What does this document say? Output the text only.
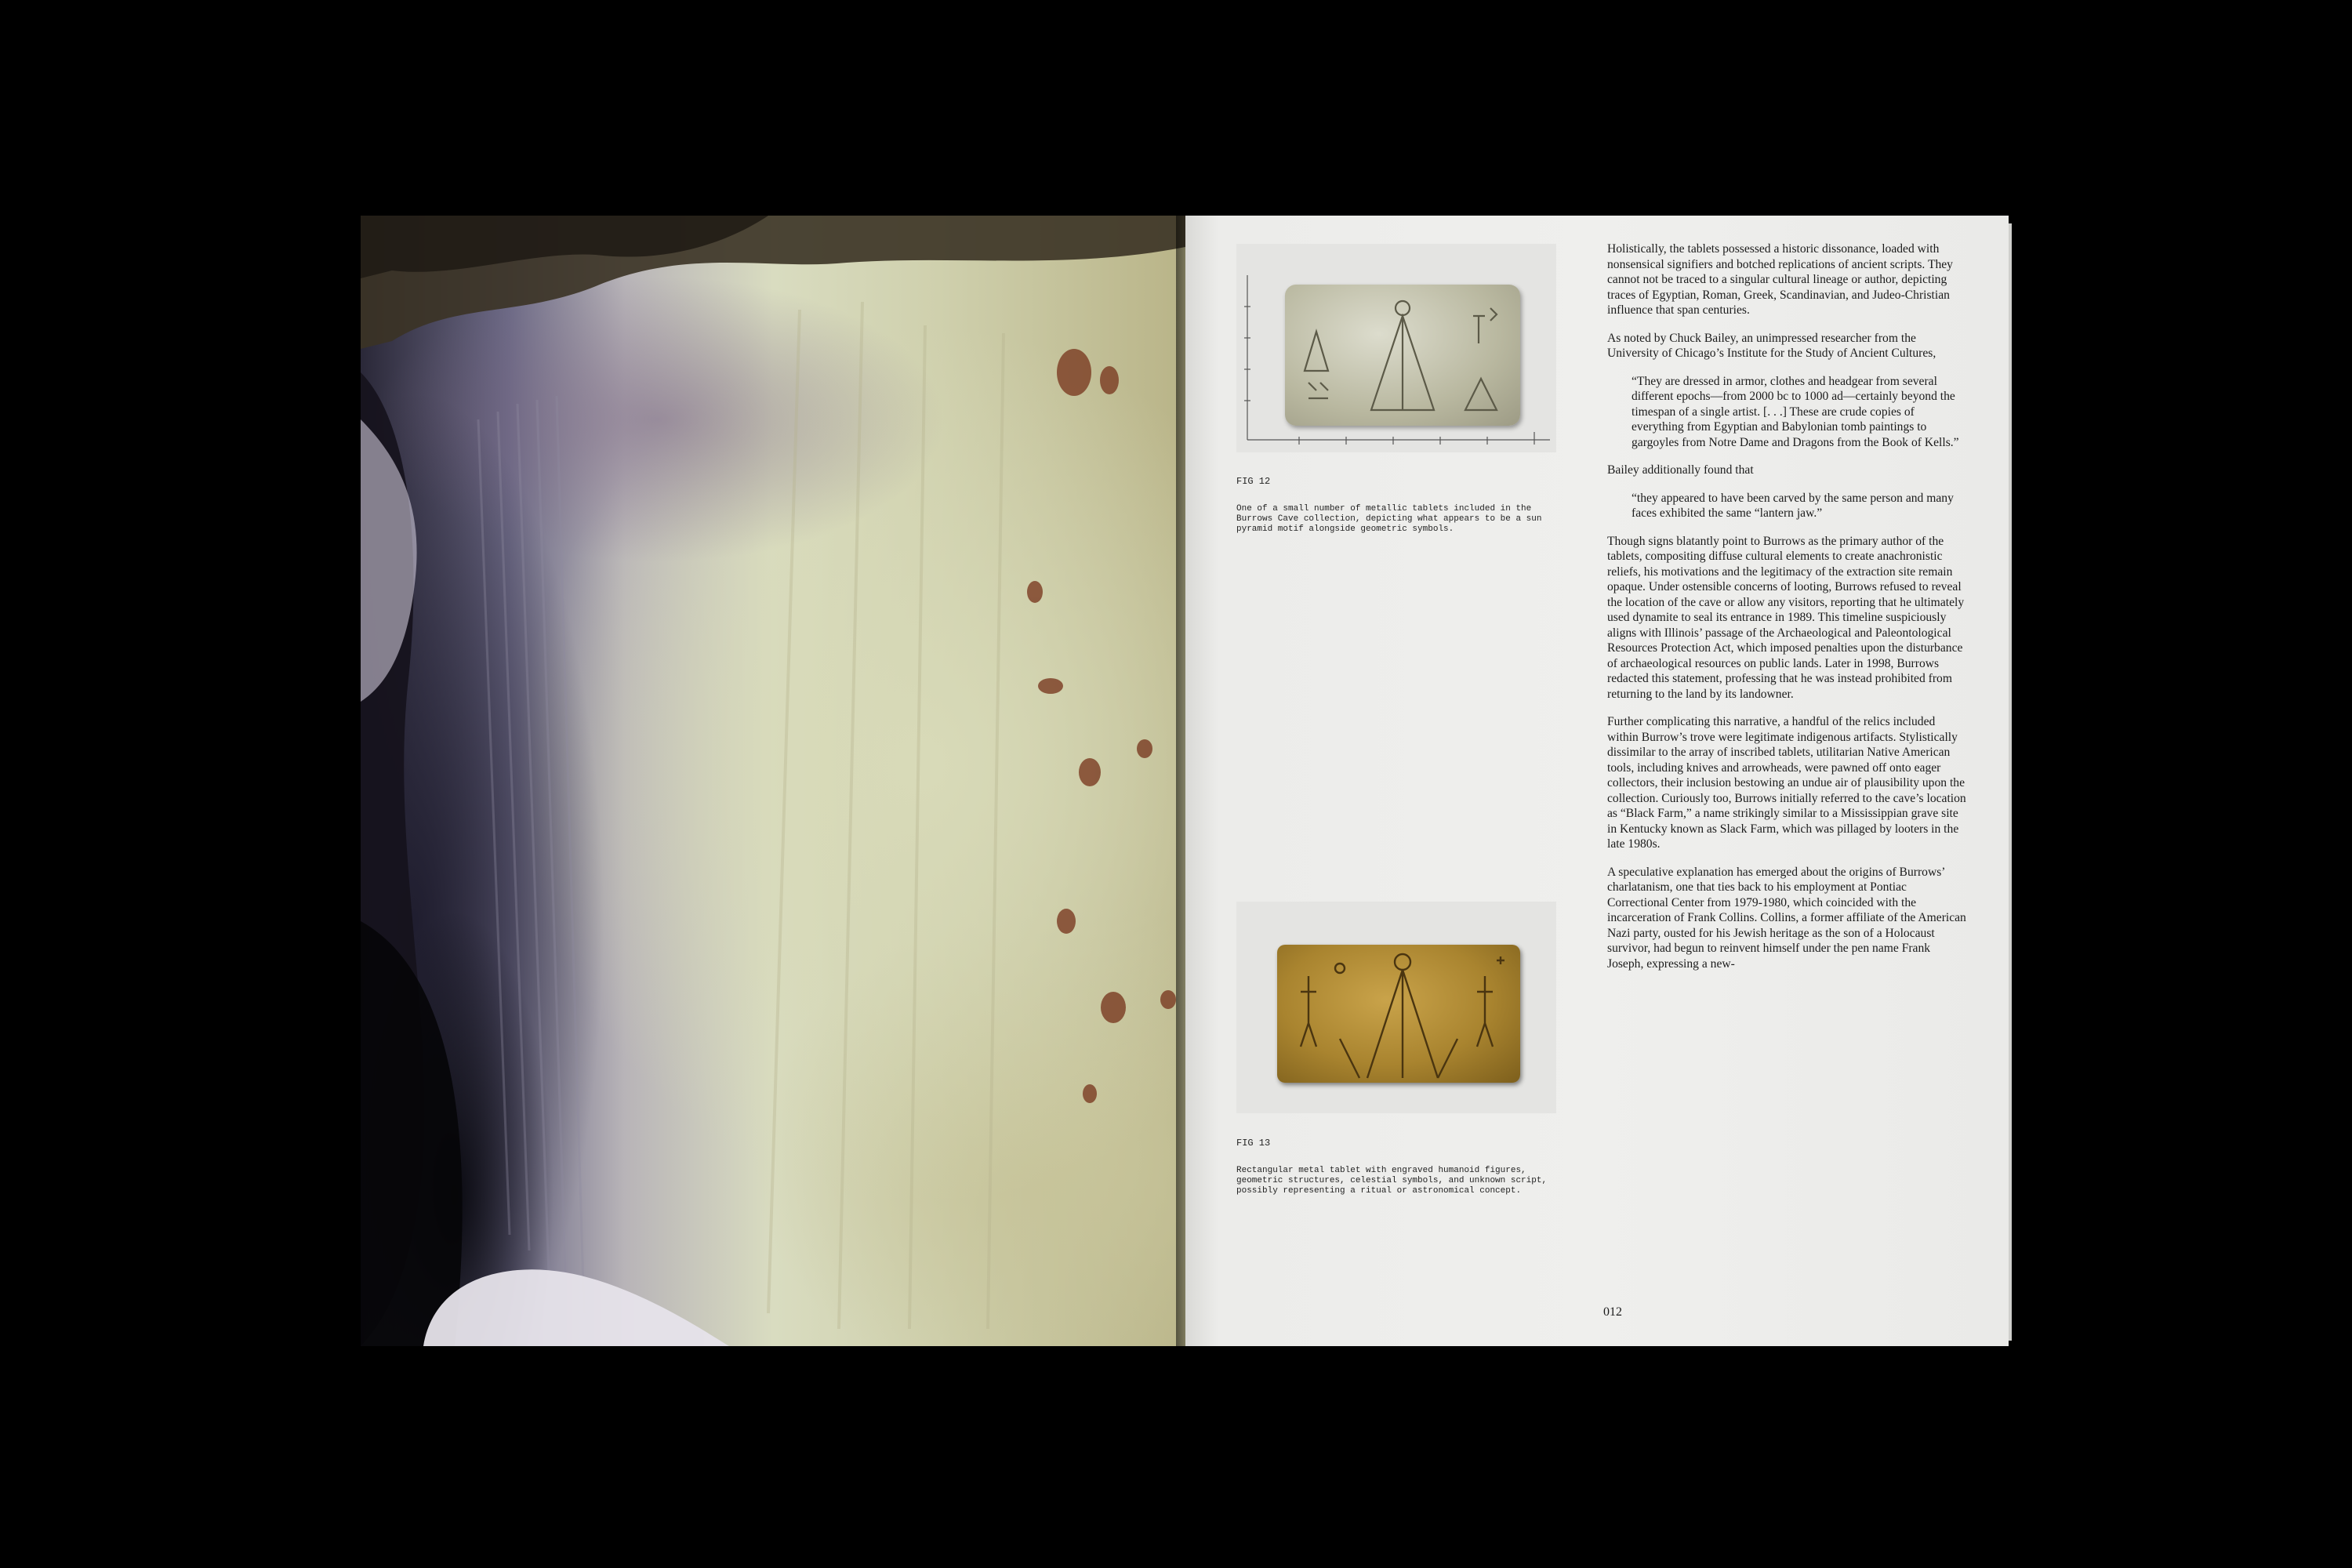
FIG 12
One of a small number of metallic tablets included in the Burrows Cave collection, depicting what appears to be a sun pyramid motif alongside geometric symbols.
FIG 13
Rectangular metal tablet with engraved humanoid figures, geometric structures, celestial symbols, and unknown script, possibly representing a ritual or astronomical concept.

Holistically, the tablets possessed a historic dissonance, loaded with nonsensical signifiers and botched replications of ancient scripts. They cannot not be traced to a singular cultural lineage or author, depicting traces of Egyptian, Roman, Greek, Scandinavian, and Judeo-Christian influence that span centuries.

As noted by Chuck Bailey, an unimpressed researcher from the University of Chicago’s Institute for the Study of Ancient Cultures,

“They are dressed in armor, clothes and headgear from several different epochs—from 2000 bc to 1000 ad—certainly beyond the timespan of a single artist. [. . .] These are crude copies of everything from Egyptian and Babylonian tomb paintings to gargoyles from Notre Dame and Dragons from the Book of Kells.”

Bailey additionally found that

“they appeared to have been carved by the same person and many faces exhibited the same “lantern jaw.”

Though signs blatantly point to Burrows as the primary author of the tablets, compositing diffuse cultural elements to create anachronistic reliefs, his motivations and the legitimacy of the extraction site remain opaque. Under ostensible concerns of looting, Burrows refused to reveal the location of the cave or allow any visitors, reporting that he ultimately used dynamite to seal its entrance in 1989. This timeline suspiciously aligns with Illinois’ passage of the Archaeological and Paleontological Resources Protection Act, which imposed penalties upon the disturbance of archaeological resources on public lands. Later in 1998, Burrows redacted this statement, professing that he was instead prohibited from returning to the land by its landowner.

Further complicating this narrative, a handful of the relics included within Burrow’s trove were legitimate indigenous artifacts. Stylistically dissimilar to the array of inscribed tablets, utilitarian Native American tools, including knives and arrowheads, were pawned off onto eager collectors, their inclusion bestowing an undue air of plausibility upon the collection. Curiously too, Burrows initially referred to the cave’s location as “Black Farm,” a name strikingly similar to a Mississippian grave site in Kentucky known as Slack Farm, which was pillaged by looters in the late 1980s.

A speculative explanation has emerged about the origins of Burrows’ charlatanism, one that ties back to his employment at Pontiac Correctional Center from 1979-1980, which coincided with the incarceration of Frank Collins. Collins, a former affiliate of the American Nazi party, ousted for his Jewish heritage as the son of a Holocaust survivor, had begun to reinvent himself under the pen name Frank Joseph, expressing a new-

012
